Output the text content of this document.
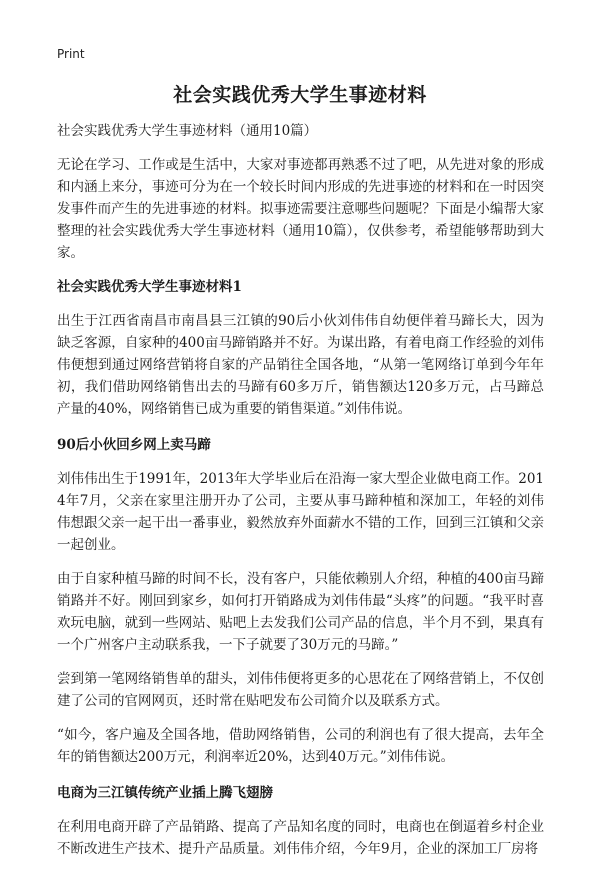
Print
社会实践优秀大学生事迹材料
社会实践优秀大学生事迹材料（通用10篇）

无论在学习、工作或是生活中，大家对事迹都再熟悉不过了吧，从先进对象的形成和内涵上来分，事迹可分为在一个较长时间内形成的先进事迹的材料和在一时因突发事件而产生的先进事迹的材料。拟事迹需要注意哪些问题呢？下面是小编帮大家整理的社会实践优秀大学生事迹材料（通用10篇），仅供参考，希望能够帮助到大家。

社会实践优秀大学生事迹材料1

出生于江西省南昌市南昌县三江镇的90后小伙刘伟伟自幼便伴着马蹄长大，因为缺乏客源，自家种的400亩马蹄销路并不好。为谋出路，有着电商工作经验的刘伟伟便想到通过网络营销将自家的产品销往全国各地，“从第一笔网络订单到今年年初，我们借助网络销售出去的马蹄有60多万斤，销售额达120多万元，占马蹄总产量的40%，网络销售已成为重要的销售渠道。”刘伟伟说。

90后小伙回乡网上卖马蹄

刘伟伟出生于1991年，2013年大学毕业后在沿海一家大型企业做电商工作。2014年7月，父亲在家里注册开办了公司，主要从事马蹄种植和深加工，年轻的刘伟伟想跟父亲一起干出一番事业，毅然放弃外面薪水不错的工作，回到三江镇和父亲一起创业。

由于自家种植马蹄的时间不长，没有客户，只能依赖别人介绍，种植的400亩马蹄销路并不好。刚回到家乡，如何打开销路成为刘伟伟最“头疼”的问题。“我平时喜欢玩电脑，就到一些网站、贴吧上去发我们公司产品的信息，半个月不到，果真有一个广州客户主动联系我，一下子就要了30万元的马蹄。”

尝到第一笔网络销售单的甜头，刘伟伟便将更多的心思花在了网络营销上，不仅创建了公司的官网网页，还时常在贴吧发布公司简介以及联系方式。

“如今，客户遍及全国各地，借助网络销售，公司的利润也有了很大提高，去年全年的销售额达200万元，利润率近20%，达到40万元。”刘伟伟说。

电商为三江镇传统产业插上腾飞翅膀

在利用电商开辟了产品销路、提高了产品知名度的同时，电商也在倒逼着乡村企业不断改进生产技术、提升产品质量。刘伟伟介绍，今年9月，企业的深加工厂房将
